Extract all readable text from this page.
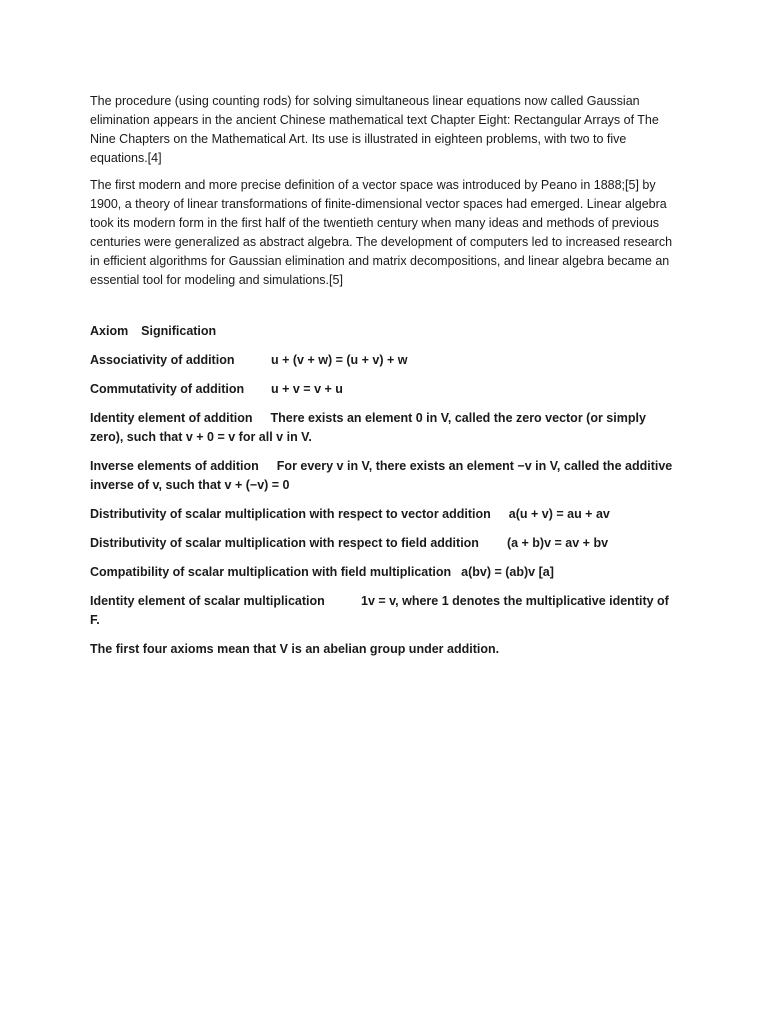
The procedure (using counting rods) for solving simultaneous linear equations now called Gaussian elimination appears in the ancient Chinese mathematical text Chapter Eight: Rectangular Arrays of The Nine Chapters on the Mathematical Art. Its use is illustrated in eighteen problems, with two to five equations.[4]

The first modern and more precise definition of a vector space was introduced by Peano in 1888;[5] by 1900, a theory of linear transformations of finite-dimensional vector spaces had emerged. Linear algebra took its modern form in the first half of the twentieth century when many ideas and methods of previous centuries were generalized as abstract algebra. The development of computers led to increased research in efficient algorithms for Gaussian elimination and matrix decompositions, and linear algebra became an essential tool for modeling and simulations.[5]

Axiom Signification

Associativity of addition	u + (v + w) = (u + v) + w

Commutativity of addition u + v = v + u

Identity element of addition There exists an element 0 in V, called the zero vector (or simply zero), such that v + 0 = v for all v in V.

Inverse elements of addition For every v in V, there exists an element −v in V, called the additive inverse of v, such that v + (−v) = 0

Distributivity of scalar multiplication with respect to vector addition a(u + v) = au + av

Distributivity of scalar multiplication with respect to field addition (a + b)v = av + bv

Compatibility of scalar multiplication with field multiplication a(bv) = (ab)v [a]

Identity element of scalar multiplication	1v = v, where 1 denotes the multiplicative identity of F.

The first four axioms mean that V is an abelian group under addition.
